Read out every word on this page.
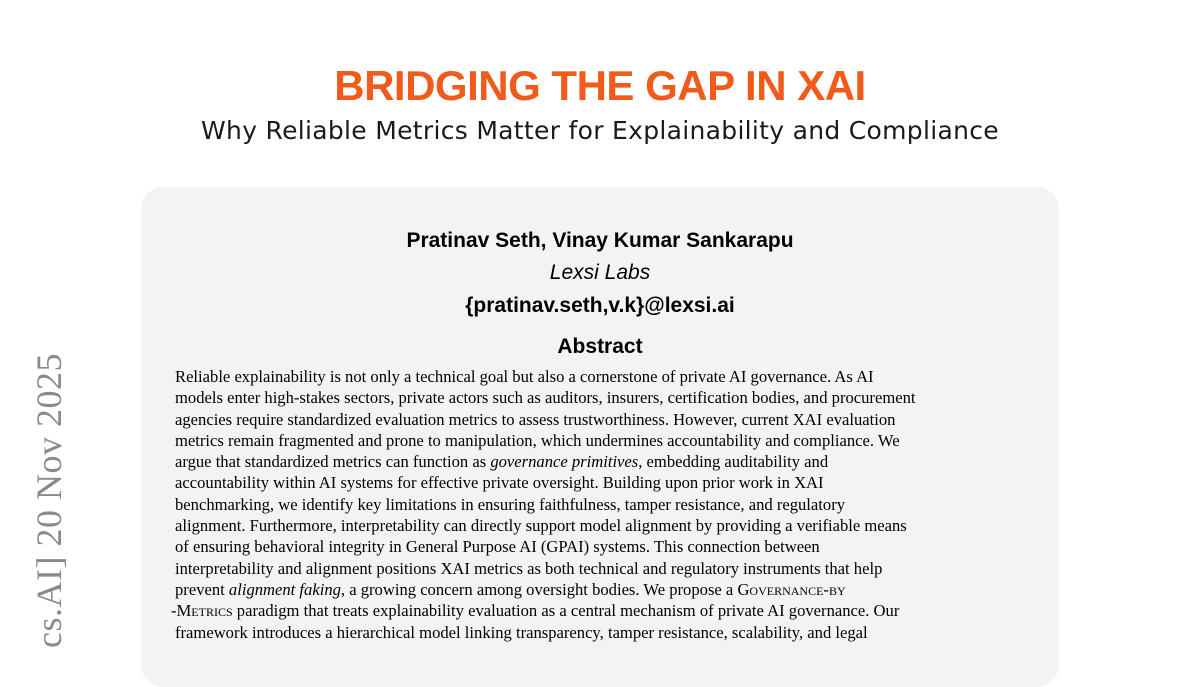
BRIDGING THE GAP IN XAI
Why Reliable Metrics Matter for Explainability and Compliance
Pratinav Seth, Vinay Kumar Sankarapu
Lexsi Labs
{pratinav.seth,v.k}@lexsi.ai
Abstract
Reliable explainability is not only a technical goal but also a cornerstone of private AI governance. As AI
models enter high-stakes sectors, private actors such as auditors, insurers, certification bodies, and procurement
agencies require standardized evaluation metrics to assess trustworthiness. However, current XAI evaluation
metrics remain fragmented and prone to manipulation, which undermines accountability and compliance. We
argue that standardized metrics can function as governance primitives, embedding auditability and
accountability within AI systems for effective private oversight. Building upon prior work in XAI
benchmarking, we identify key limitations in ensuring faithfulness, tamper resistance, and regulatory
alignment. Furthermore, interpretability can directly support model alignment by providing a verifiable means
of ensuring behavioral integrity in General Purpose AI (GPAI) systems. This connection between
interpretability and alignment positions XAI metrics as both technical and regulatory instruments that help
prevent alignment faking, a growing concern among oversight bodies. We propose a Governance-by
-Metrics paradigm that treats explainability evaluation as a central mechanism of private AI governance. Our
framework introduces a hierarchical model linking transparency, tamper resistance, scalability, and legal
cs.AI] 20 Nov 2025
